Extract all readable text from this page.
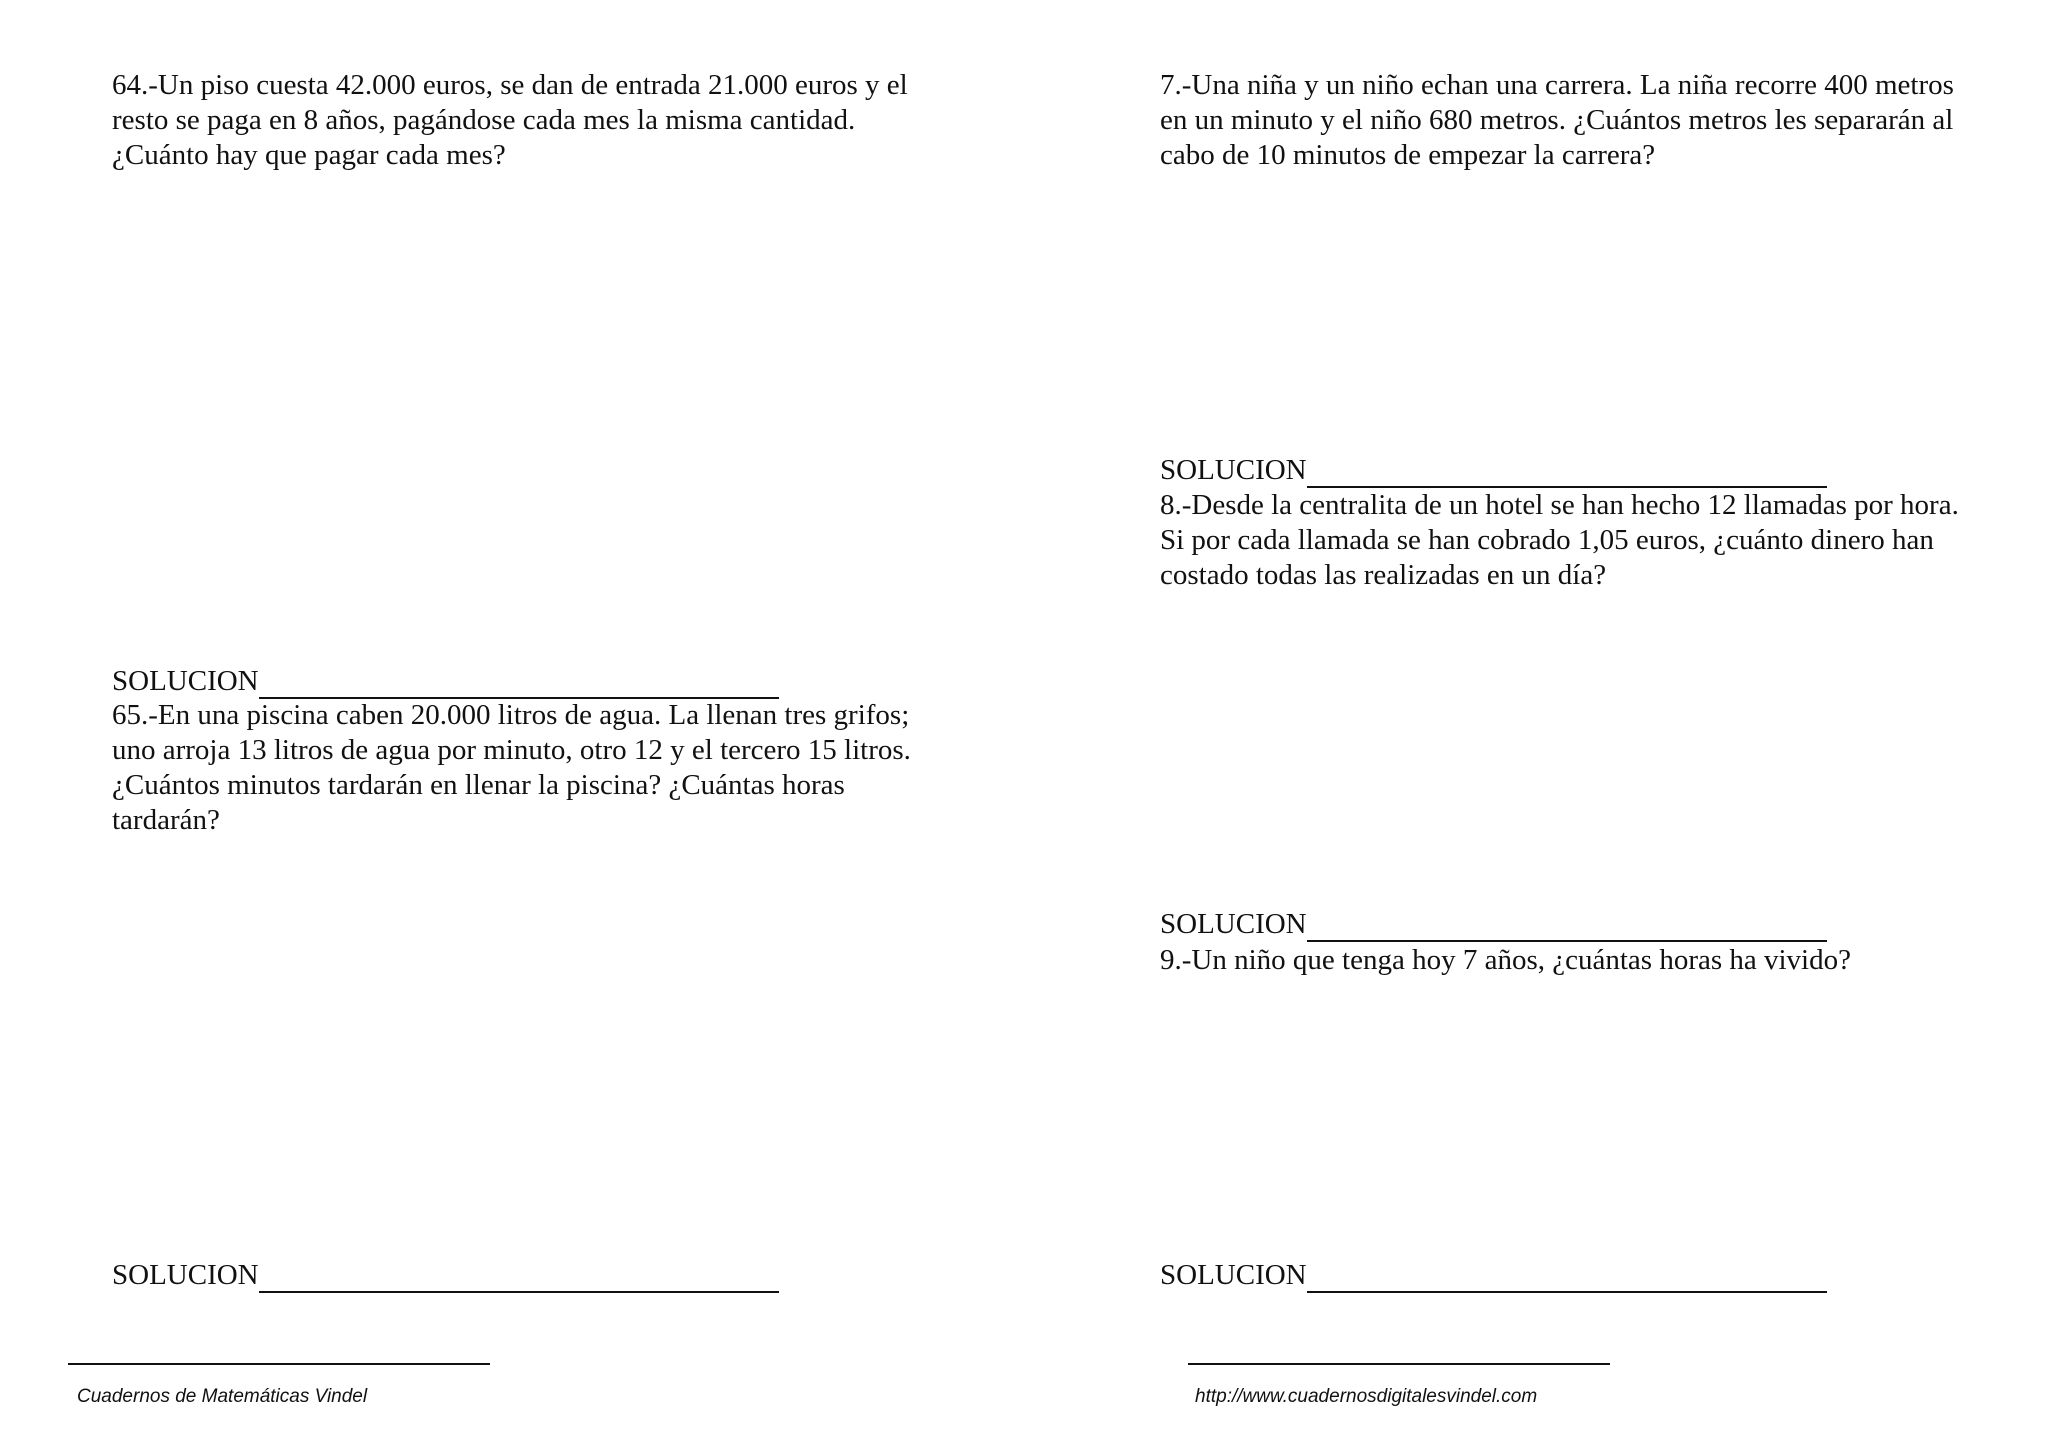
64.-Un piso cuesta 42.000 euros, se dan de entrada 21.000 euros y el
resto se paga en 8 años, pagándose cada mes la misma cantidad.
¿Cuánto hay que pagar cada mes?
SOLUCION
65.-En una piscina caben 20.000 litros de agua. La llenan tres grifos;
uno arroja 13 litros de agua por minuto, otro 12 y el tercero 15 litros.
¿Cuántos minutos tardarán en llenar la piscina? ¿Cuántas horas
tardarán?
SOLUCION
7.-Una niña y un niño echan una carrera. La niña recorre 400 metros
en un minuto y el niño 680 metros. ¿Cuántos metros les separarán al
cabo de 10 minutos de empezar la carrera?
SOLUCION
8.-Desde la centralita de un hotel se han hecho 12 llamadas por hora.
Si por cada llamada se han cobrado 1,05 euros, ¿cuánto dinero han
costado todas las realizadas en un día?
SOLUCION
9.-Un niño que tenga hoy 7 años, ¿cuántas horas ha vivido?
SOLUCION
Cuadernos de Matemáticas Vindel	http://www.cuadernosdigitalesvindel.com
